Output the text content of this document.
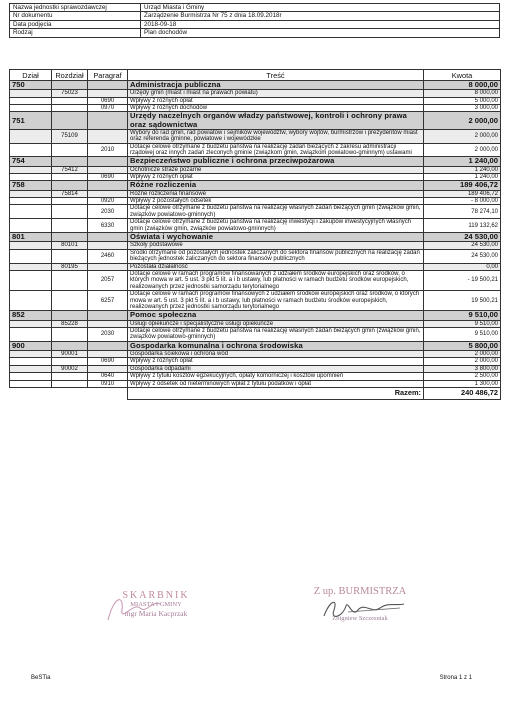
Nazwa jednostki sprawozdawczej	Urząd Miasta i Gminy
Nr dokumentu	Zarządzenie Burmistrza Nr 75 z dnia 18.09.2018r
Data podjęcia	2018-09-18
Rodzaj	Plan dochodów
Dział	Rozdział	Paragraf	Treść	Kwota
750			Administracja publiczna	8 000,00
	75023		Urzędy gmin (miast i miast na prawach powiatu)	8 000,00
		0690	Wpływy z różnych opłat	5 000,00
		0970	Wpływy z różnych dochodów	3 000,00
751			Urzędy naczelnych organów władzy państwowej, kontroli i ochrony prawa oraz sądownictwa	2 000,00
	75109		Wybory do rad gmin, rad powiatów i sejmików województw, wybory wójtów, burmistrzów i prezydentów miast oraz referenda gminne, powiatowe i wojewódzkie	2 000,00
		2010	Dotacje celowe otrzymane z budżetu państwa na realizację zadań bieżących z zakresu administracji rządowej oraz innych zadań zleconych gminie (związkom gmin, związkom powiatowo-gminnym) ustawami	2 000,00
754			Bezpieczeństwo publiczne i ochrona przeciwpożarowa	1 240,00
	75412		Ochotnicze straże pożarne	1 240,00
		0690	Wpływy z różnych opłat	1 240,00
758			Różne rozliczenia	189 406,72
	75814		Różne rozliczenia finansowe	189 406,72
		0920	Wpływy z pozostałych odsetek	- 8 000,00
		2030	Dotacje celowe otrzymane z budżetu państwa na realizację własnych zadań bieżących gmin (związków gmin, związków powiatowo-gminnych)	78 274,10
		6330	Dotacje celowe otrzymane z budżetu państwa na realizację inwestycji i zakupów inwestycyjnych własnych gmin (związków gmin, związków powiatowo-gminnych)	119 132,62
801			Oświata i wychowanie	24 530,00
	80101		Szkoły podstawowe	24 530,00
		2460	Środki otrzymane od pozostałych jednostek zaliczanych do sektora finansów publicznych na realizację zadań bieżących jednostek zaliczanych do sektora finansów publicznych	24 530,00
	80195		Pozostała działalność	0,00
		2057	Dotacje celowe w ramach programów finansowanych z udziałem środków europejskich oraz środków, o których mowa w art. 5 ust. 3 pkt 5 lit. a i b ustawy, lub płatności w ramach budżetu środków europejskich, realizowanych przez jednostki samorządu terytorialnego	- 19 500,21
		6257	Dotacje celowe w ramach programów finansowych z udziałem środków europejskich oraz środków, o których mowa w art. 5 ust. 3 pkt 5 lit. a i b ustawy, lub płatności w ramach budżetu środków europejskich, realizowanych przez jednostki samorządu terytorialnego	19 500,21
852			Pomoc społeczna	9 510,00
	85228		Usługi opiekuńcze i specjalistyczne usługi opiekuńcze	9 510,00
		2030	Dotacje celowe otrzymane z budżetu państwa na realizację własnych zadań bieżących gmin (związków gmin, związków powiatowo-gminnych)	9 510,00
900			Gospodarka komunalna i ochrona środowiska	5 800,00
	90001		Gospodarka ściekowa i ochrona wód	2 000,00
		0690	Wpływy z różnych opłat	2 000,00
	90002		Gospodarka odpadami	3 800,00
		0640	Wpływy z tytułu kosztów egzekucyjnych, opłaty komorniczej i kosztów upomnień	2 500,00
		0910	Wpływy z odsetek od nieterminowych wpłat z tytułu podatków i opłat	1 300,00
			Razem:	240 486,72
SKARBNIK
MIASTA I GMINY
mgr Maria Kacprzak
Z up. BURMISTRZA
Zbigniew Szczesniak
BeSTia	Strona 1 z 1
